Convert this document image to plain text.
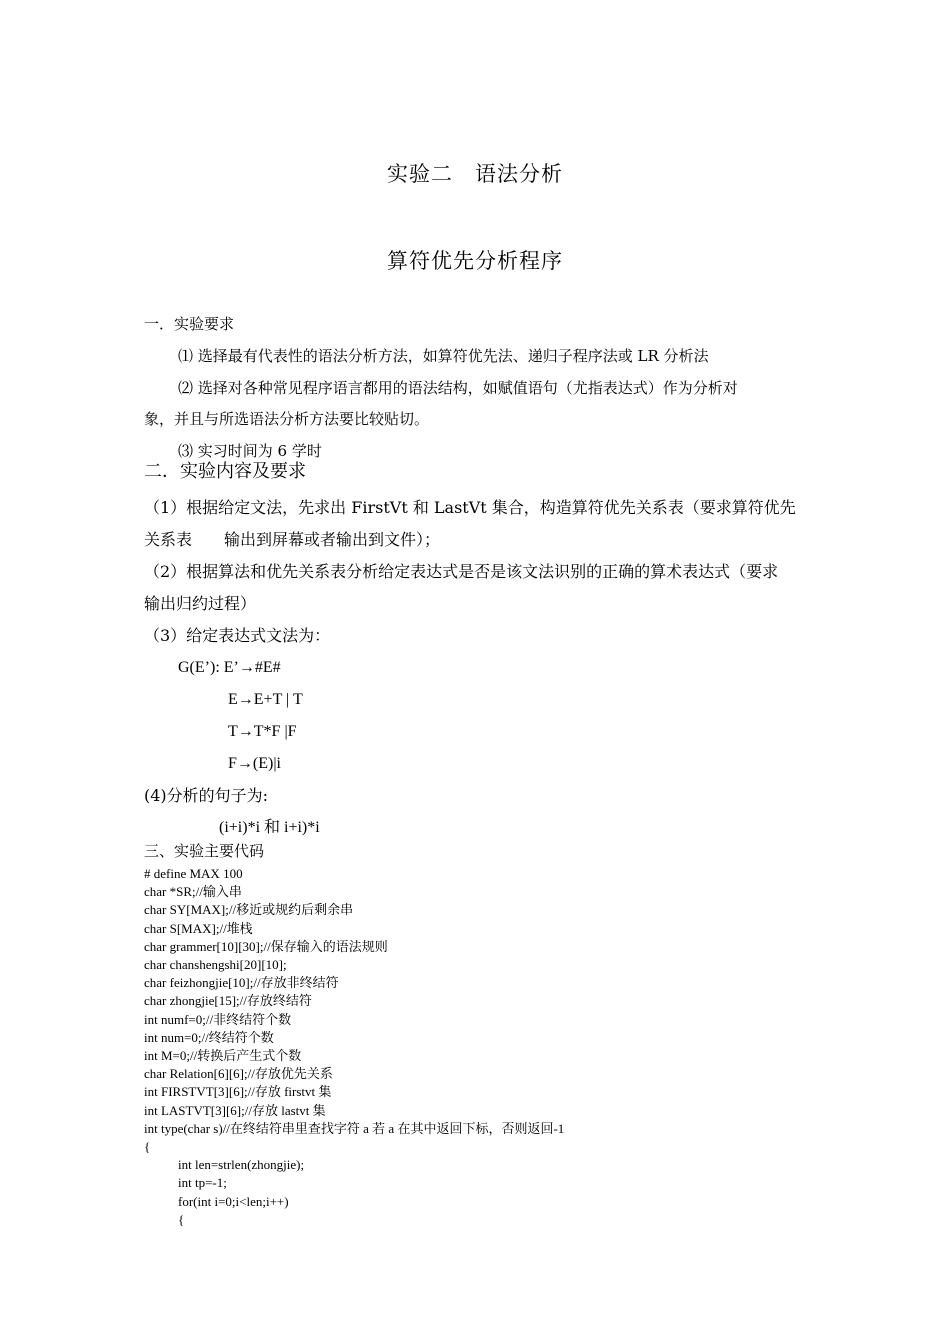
实验二　语法分析
算符优先分析程序
一．实验要求
⑴ 选择最有代表性的语法分析方法，如算符优先法、递归子程序法或 LR 分析法
⑵ 选择对各种常见程序语言都用的语法结构，如赋值语句（尤指表达式）作为分析对
象，并且与所选语法分析方法要比较贴切。
⑶ 实习时间为 6 学时
二．实验内容及要求
（1）根据给定文法，先求出 FirstVt 和 LastVt 集合，构造算符优先关系表（要求算符优先
关系表　　输出到屏幕或者输出到文件）；
（2）根据算法和优先关系表分析给定表达式是否是该文法识别的正确的算术表达式（要求
输出归约过程）
（3）给定表达式文法为：
G(E’): E’→#E#
E→E+T | T
T→T*F |F
F→(E)|i
(4)分析的句子为:
(i+i)*i 和 i+i)*i
三、实验主要代码
# define MAX 100
char *SR;//输入串
char SY[MAX];//移近或规约后剩余串
char S[MAX];//堆栈
char grammer[10][30];//保存输入的语法规则
char chanshengshi[20][10];
char feizhongjie[10];//存放非终结符
char zhongjie[15];//存放终结符
int numf=0;//非终结符个数
int num=0;//终结符个数
int M=0;//转换后产生式个数
char Relation[6][6];//存放优先关系
int FIRSTVT[3][6];//存放 firstvt 集
int LASTVT[3][6];//存放 lastvt 集
int type(char s)//在终结符串里查找字符 a 若 a 在其中返回下标，否则返回-1
{
int len=strlen(zhongjie);
int tp=-1;
for(int i=0;i<len;i++)
{
